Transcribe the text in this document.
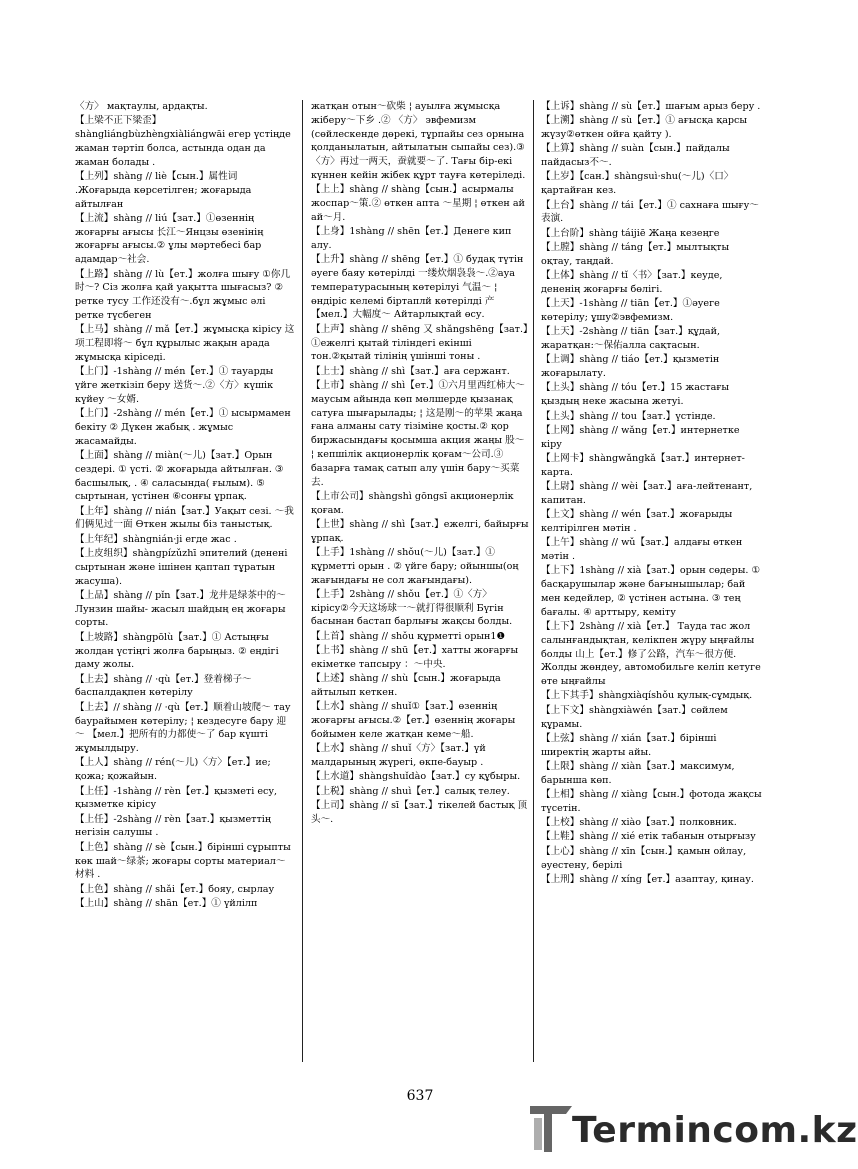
〈方〉 мақтаулы, ардақты.

【上梁不正下梁歪】shàngliángbùzhèngxiàliángwāi егер үстіңде жаман тәртіп болса, астында одан да жаман болады .

【上列】shàng // liè【сын.】属性词 .Жоғарыда көрсетілген; жоғарыда айтылған

【上流】shàng // liú【зат.】①өзеннің жоғарғы ағысы 长江～Янцзы өзенінің жоғарғы ағысы.② ұлы мәртебесі бар адамдар～社会.

【上路】shàng // lù【ет.】жолға шығу ①你几时～? Сіз жолға қай уақытта шығасыз? ② ретке тусу 工作还没有～.бұл жұмыс әлі ретке түсбеген

【上马】shàng // mǎ【ет.】жұмысқа кірісу 这项工程即将～ бұл құрылыс жақын арада жұмысқа кіріседі.

【上门】-1shàng // mén【ет.】① тауарды үйге жеткізіп беру 送货～.②〈方〉күшік күйеу ～女婿.

【上门】-2shàng // mén【ет.】① ысырмамен бекіту ② Дүкен жабық . жұмыс жасамайды.

【上面】shàng // miàn(～儿)【зат.】Орын сездері. ① үсті. ② жоғарыда айтылған. ③ басшылық, . ④ саласында( ғылым). ⑤ сыртынан, үстінен ⑥сонғы ұрпақ.

【上年】shàng // nián【зат.】Уақыт сезі. ～我们俩见过一面 Өткен жылы біз таныстық.

【上年纪】shàngnián·ji егде жас .

【上皮组织】shàngpízǔzhī эпителий (денені сыртынан және ішінен қаптап тұратын жасуша).

【上品】shàng // pǐn【зат.】龙井是绿茶中的～ Лунзин шайы- жасыл шайдың ең жоғары сорты.

【上坡路】shàngpōlù【зат.】① Астыңғы жолдан үстіңгі жолға барыңыз. ② еңдігі даму жолы.

【上去】shàng // ·qù【ет.】登着梯子～ баспалдақпен көтерілу

【上去】// shàng // ·qù【ет.】顺着山坡爬～ тау баурайымен көтерілу; ¦ кездесуге бару 迎～ 【мел.】把所有的力都使～了 бар күшті жұмылдыру.

【上人】shàng // rén(～儿)〈方〉【ет.】ие; қожа; қожайын.

【上任】-1shàng // rèn【ет.】қызметі есу, қызметке кірісу

【上任】-2shàng // rèn【зат.】қызметтің негізін салушы .

【上色】shàng // sè【сын.】бірінші сұрыпты көк шай～绿茶; жоғары сорты материал～材料 .

【上色】shàng // shǎi【ет.】бояу, сырлау

【上山】shàng // shān【ет.】① үйлілп

жатқан отын～砍柴 ¦ ауылға жұмысқа жіберу～下乡 .② 〈方〉 эвфемизм (сөйлескенде дөрекі, тұрпайы сез орнына қолданылатын, айтылатын сыпайы сез).③〈方〉再过一两天，蚕就要～了. Тағы бір-екі күннен кейін жібек құрт тауға көтеріледі.

【上上】shàng // shàng【сын.】асырмалы жоспар～策.② өткен апта ～星期 ¦ өткен ай ай～月.

【上身】1shàng // shēn【ет.】Денеге кип алу.

【上升】shàng // shēng【ет.】① будақ түтін әуеге баяу көтерілді 一缕炊烟袅袅～.②ауа температурасының көтерілуі 气温～ ¦ өндіріс келемі біртаплй көтерілді 产【мел.】大幅度～ Айтарлықтай өсу.

【上声】shàng // shēng 又 shǎngshēng【зат.】①ежелгі қытай тіліндегі екінші тон.②қытай тілінің үшінші тоны .

【上士】shàng // shì【зат.】аға сержант.

【上市】shàng // shì【ет.】①六月里西红柿大～ маусым айында көп мөлшерде қызанақ сатуға шығарылады; ¦ 这是刚～的苹果 жаңа ғана алманы сату тізіміне қосты.② қор биржасындағы қосымша акция жаңы 股～ ¦ кепшілік акционерлік қоғам～公司.③ базарға тамақ сатып алу үшін бару～买菜去.

【上市公司】shàngshì gōngsī акционерлік қоғам.

【上世】shàng // shì【зат.】ежелгі, байырғы ұрпақ.

【上手】1shàng // shǒu(～儿)【зат.】① құрметті орын . ② үйге бару; ойыншы(оң жағындағы не сол жағындағы).

【上手】2shàng // shǒu【ет.】①〈方〉кірісу②今天这场球一～就打得很顺利 Бүгін басынан бастап барлығы жақсы болды.

【上首】shàng // shǒu құрметті орын1❶

【上书】shàng // shū【ет.】хатты жоғарғы екіметке тапсыру ：～中央.

【上述】shàng // shù【сын.】жоғарыда айтылып кеткен.

【上水】shàng // shuǐ①【зат.】өзеннің жоғарғы ағысы.②【ет.】өзеннің жоғары бойымен келе жатқан кеме～船.

【上水】shàng // shuǐ〈方〉【зат.】үй малдарының жүрегі, өкпе-бауыр .

【上水道】shàngshuǐdào【зат.】су құбыры.

【上税】shàng // shuì【ет.】салық телеу.

【上司】shàng // sī【зат.】тікелей бастық 顶头～.

【上诉】shàng // sù【ет.】шағым арыз беру .

【上溯】shàng // sù【ет.】① ағысқа қарсы жүзу②өткен ойға қайту ).

【上算】shàng // suàn【сын.】пайдалы пайдасыз不～.

【上岁】【сан.】shàngsuì·shu(～儿)〈口〉қартайған кез.

【上台】shàng // tái【ет.】① сахнаға шығу～表演.

【上台阶】shàng táijiē Жаңа кезеңге

【上膛】shàng // táng【ет.】мылтықты оқтау, таңдай.

【上体】shàng // tǐ〈书〉【зат.】кеуде, дененің жоғарғы бөлігі.

【上天】-1shàng // tiān【ет.】①әуеге көтерілу; ұшу②эвфемизм.

【上天】-2shàng // tiān【зат.】құдай, жаратқан:～保佑алла сақтасын.

【上调】shàng // tiáo【ет.】қызметін жоғарылату.

【上头】shàng // tóu【ет.】15 жастағы қыздың неке жасына жетуі.

【上头】shàng // tou【зат.】үстінде.

【上网】shàng // wǎng【ет.】интернетке кіру

【上网卡】shàngwǎngkǎ【зат.】интернет-карта.

【上尉】shàng // wèi【зат.】аға-лейтенант, капитан.

【上文】shàng // wén【зат.】жоғарыды келтірілген мәтін .

【上午】shàng // wǔ【зат.】алдағы өткен мәтін .

【上下】1shàng // xià【зат.】орын сөдеры. ① басқарушылар және бағынышылар; бай мен кедейлер, ② үстінен астына. ③ тең бағалы. ④ арттыру, кеміту

【上下】2shàng // xià【ет.】 Тауда тас жол салынғандықтан, келікпен жүру ыңғайлы болды 山上【ет.】修了公路，汽车～很方便. Жолды жөндеу, автомобильге келіп кетуге өте ыңғайлы

【上下其手】shàngxiàqíshǒu қулық-сұмдық.

【上下文】shàngxiàwén【зат.】сөйлем құрамы.

【上弦】shàng // xián【зат.】бірінші ширектің жарты айы.

【上限】shàng // xiàn【зат.】максимум, барынша көп.

【上相】shàng // xiàng【сын.】фотода жақсы түсетін.

【上校】shàng // xiào【зат.】полковник.

【上鞋】shàng // xié етік табанын отырғызу

【上心】shàng // xīn【сын.】қамын ойлау, әуестену, берілі

【上刑】shàng // xíng【ет.】азаптау, қинау.

637
Termincom.kz
